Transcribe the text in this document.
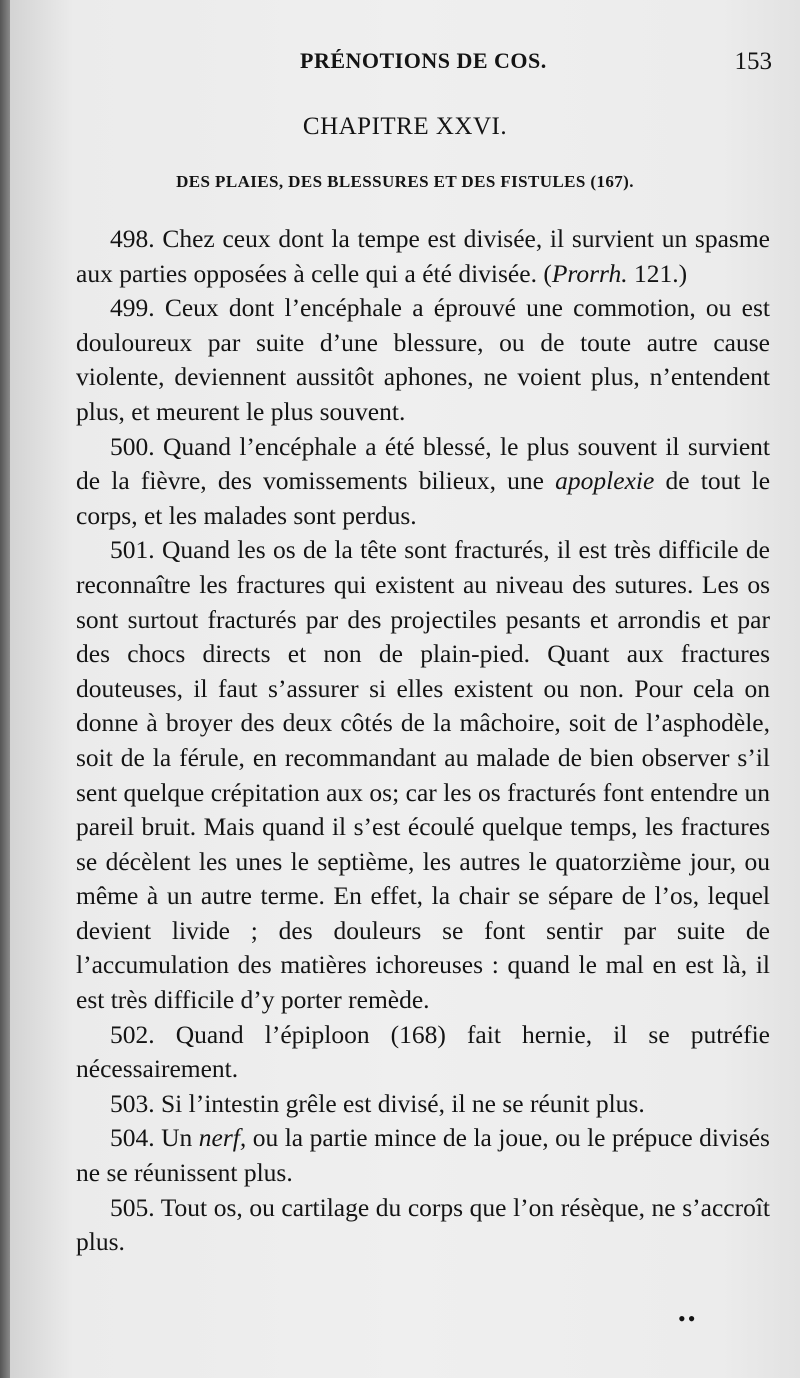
PRÉNOTIONS DE COS.	153
CHAPITRE XXVI.
DES PLAIES, DES BLESSURES ET DES FISTULES (167).

498. Chez ceux dont la tempe est divisée, il survient un spasme aux parties opposées à celle qui a été divisée. (Prorrh. 121.)

499. Ceux dont l’encéphale a éprouvé une commotion, ou est douloureux par suite d’une blessure, ou de toute autre cause violente, deviennent aussitôt aphones, ne voient plus, n’entendent plus, et meurent le plus souvent.

500. Quand l’encéphale a été blessé, le plus souvent il survient de la fièvre, des vomissements bilieux, une apoplexie de tout le corps, et les malades sont perdus.

501. Quand les os de la tête sont fracturés, il est très difficile de reconnaître les fractures qui existent au niveau des sutures. Les os sont surtout fracturés par des projectiles pesants et arrondis et par des chocs directs et non de plain-pied. Quant aux fractures douteuses, il faut s’assurer si elles existent ou non. Pour cela on donne à broyer des deux côtés de la mâchoire, soit de l’asphodèle, soit de la férule, en recommandant au malade de bien observer s’il sent quelque crépitation aux os; car les os fracturés font entendre un pareil bruit. Mais quand il s’est écoulé quelque temps, les fractures se décèlent les unes le septième, les autres le quatorzième jour, ou même à un autre terme. En effet, la chair se sépare de l’os, lequel devient livide ; des douleurs se font sentir par suite de l’accumulation des matières ichoreuses : quand le mal en est là, il est très difficile d’y porter remède.

502. Quand l’épiploon (168) fait hernie, il se putréfie nécessairement.

503. Si l’intestin grêle est divisé, il ne se réunit plus.

504. Un nerf, ou la partie mince de la joue, ou le prépuce divisés ne se réunissent plus.

505. Tout os, ou cartilage du corps que l’on résèque, ne s’accroît plus.

••
